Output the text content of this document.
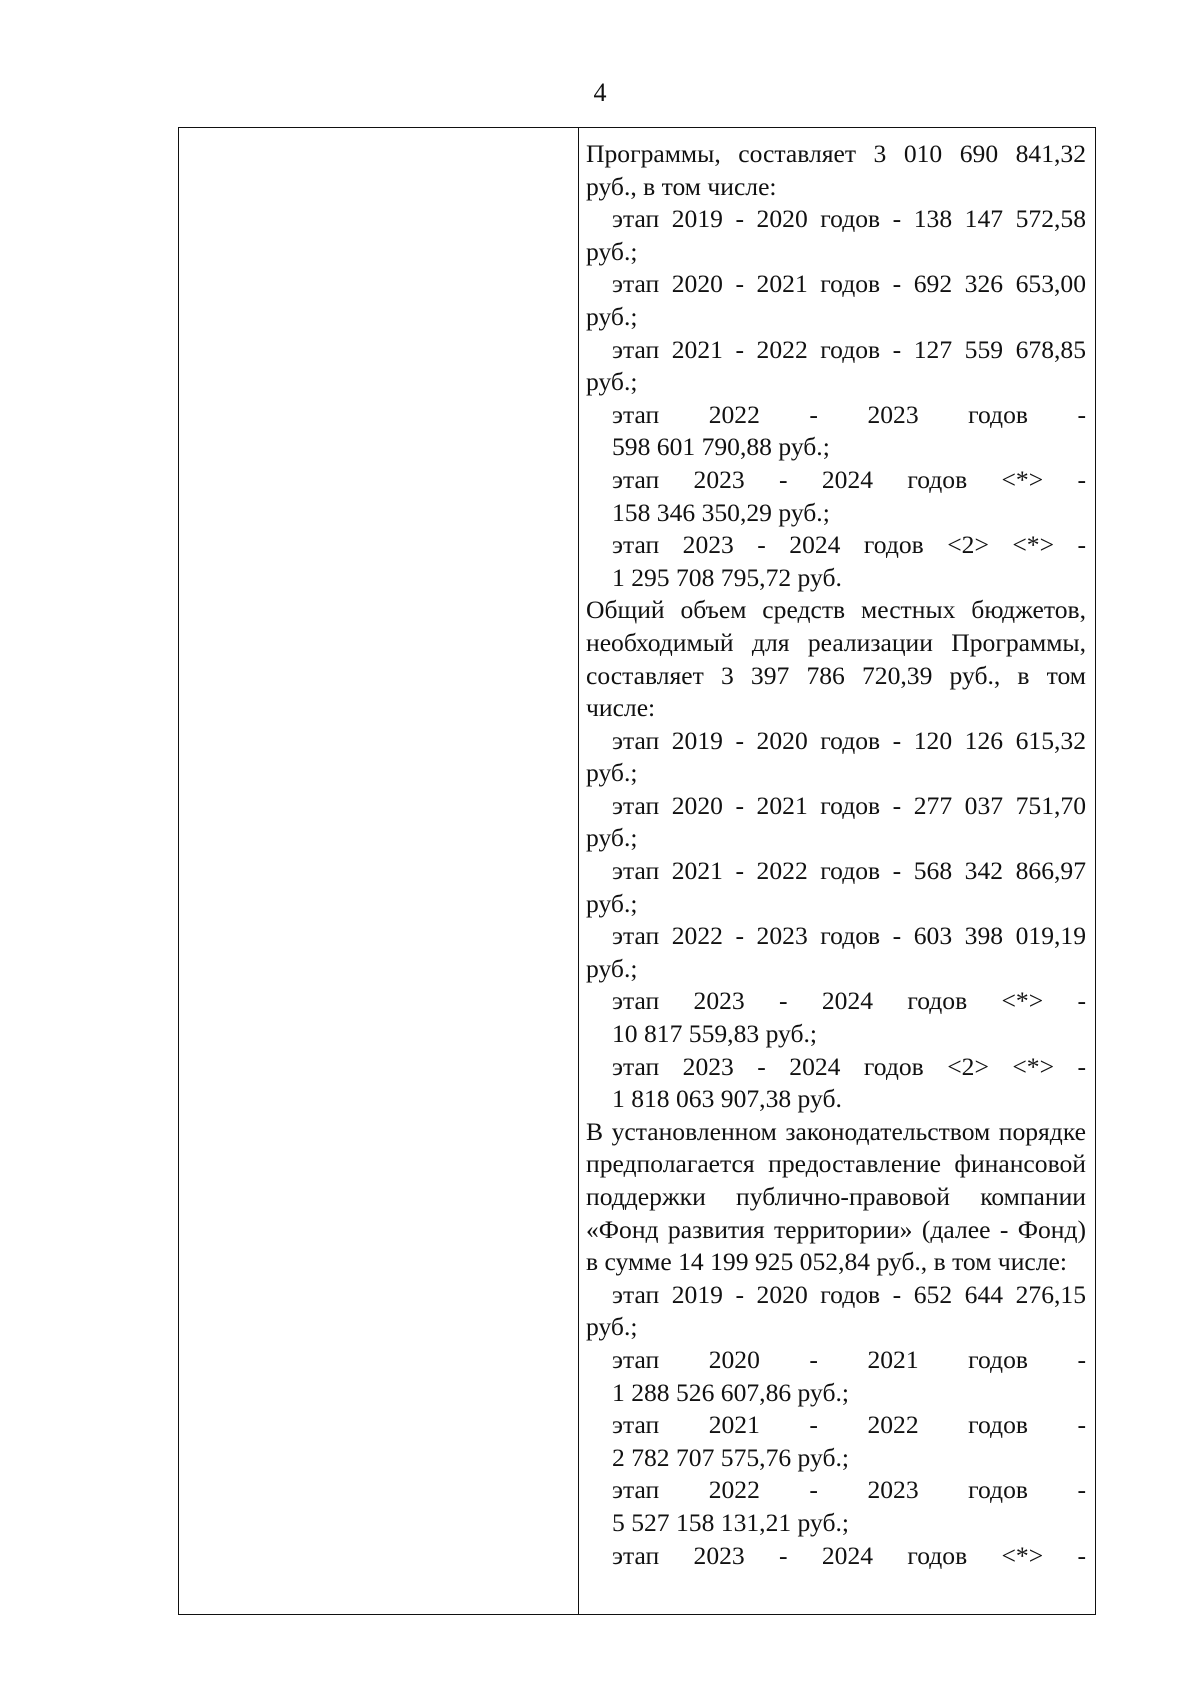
4

Программы, составляет 3 010 690 841,32 руб., в том числе:

этап 2019 - 2020 годов - 138 147 572,58 руб.;

этап 2020 - 2021 годов - 692 326 653,00 руб.;

этап 2021 - 2022 годов - 127 559 678,85 руб.;

этап 2022 - 2023 годов -
598 601 790,88 руб.;

этап 2023 - 2024 годов <*> -
158 346 350,29 руб.;

этап 2023 - 2024 годов <2> <*> -
1 295 708 795,72 руб.

Общий объем средств местных бюджетов, необходимый для реализации Программы, составляет 3 397 786 720,39 руб., в том числе:

этап 2019 - 2020 годов - 120 126 615,32 руб.;

этап 2020 - 2021 годов - 277 037 751,70 руб.;

этап 2021 - 2022 годов - 568 342 866,97 руб.;

этап 2022 - 2023 годов - 603 398 019,19 руб.;

этап 2023 - 2024 годов <*> -
10 817 559,83 руб.;

этап 2023 - 2024 годов <2> <*> -
1 818 063 907,38 руб.

В установленном законодательством порядке предполагается предоставление финансовой поддержки публично-правовой компании «Фонд развития территории» (далее - Фонд) в сумме 14 199 925 052,84 руб., в том числе:

этап 2019 - 2020 годов - 652 644 276,15 руб.;

этап 2020 - 2021 годов -
1 288 526 607,86 руб.;

этап 2021 - 2022 годов -
2 782 707 575,76 руб.;

этап 2022 - 2023 годов -
5 527 158 131,21 руб.;

этап 2023 - 2024 годов <*> -
